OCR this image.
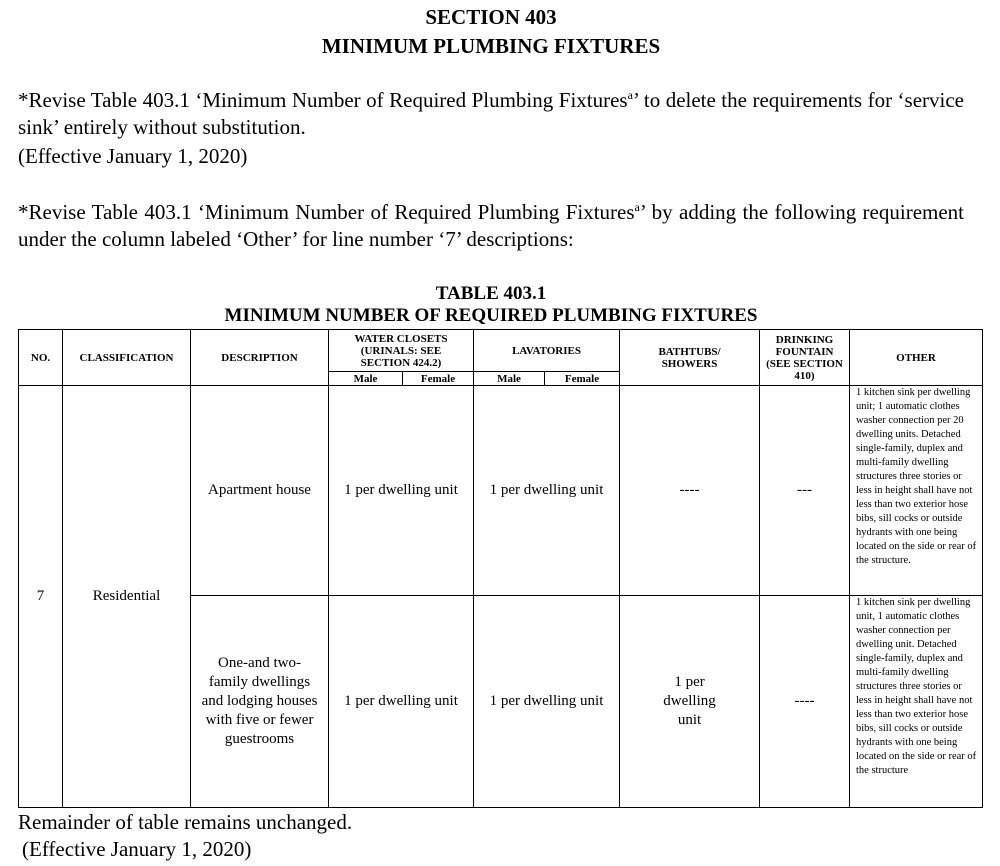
SECTION 403
MINIMUM PLUMBING FIXTURES
*Revise Table 403.1 ‘Minimum Number of Required Plumbing Fixtures$^a$’ to delete the requirements for ‘service sink’ entirely without substitution.
(Effective January 1, 2020)
*Revise Table 403.1 ‘Minimum Number of Required Plumbing Fixtures$^a$’ by adding the following requirement under the column labeled ‘Other’ for line number ‘7’ descriptions:
TABLE 403.1
MINIMUM NUMBER OF REQUIRED PLUMBING FIXTURES
NO.	CLASSIFICATION	DESCRIPTION	WATER CLOSETS (URINALS: SEE SECTION 424.2)		LAVATORIES		BATHTUBS/ SHOWERS	DRINKING FOUNTAIN (SEE SECTION 410)	OTHER
			Male	Female	Male	Female			
7	Residential	Apartment house	1 per dwelling unit		1 per dwelling unit		----	---	1 kitchen sink per dwelling unit; 1 automatic clothes washer connection per 20 dwelling units. Detached single-family, duplex and multi-family dwelling structures three stories or less in height shall have not less than two exterior hose bibs, sill cocks or outside hydrants with one being located on the side or rear of the structure.
		One-and two-family dwellings and lodging houses with five or fewer guestrooms	1 per dwelling unit		1 per dwelling unit		1 per dwelling unit	----	1 kitchen sink per dwelling unit, 1 automatic clothes washer connection per dwelling unit. Detached single-family, duplex and multi-family dwelling structures three stories or less in height shall have not less than two exterior hose bibs, sill cocks or outside hydrants with one being located on the side or rear of the structure
Remainder of table remains unchanged.
(Effective January 1, 2020)
